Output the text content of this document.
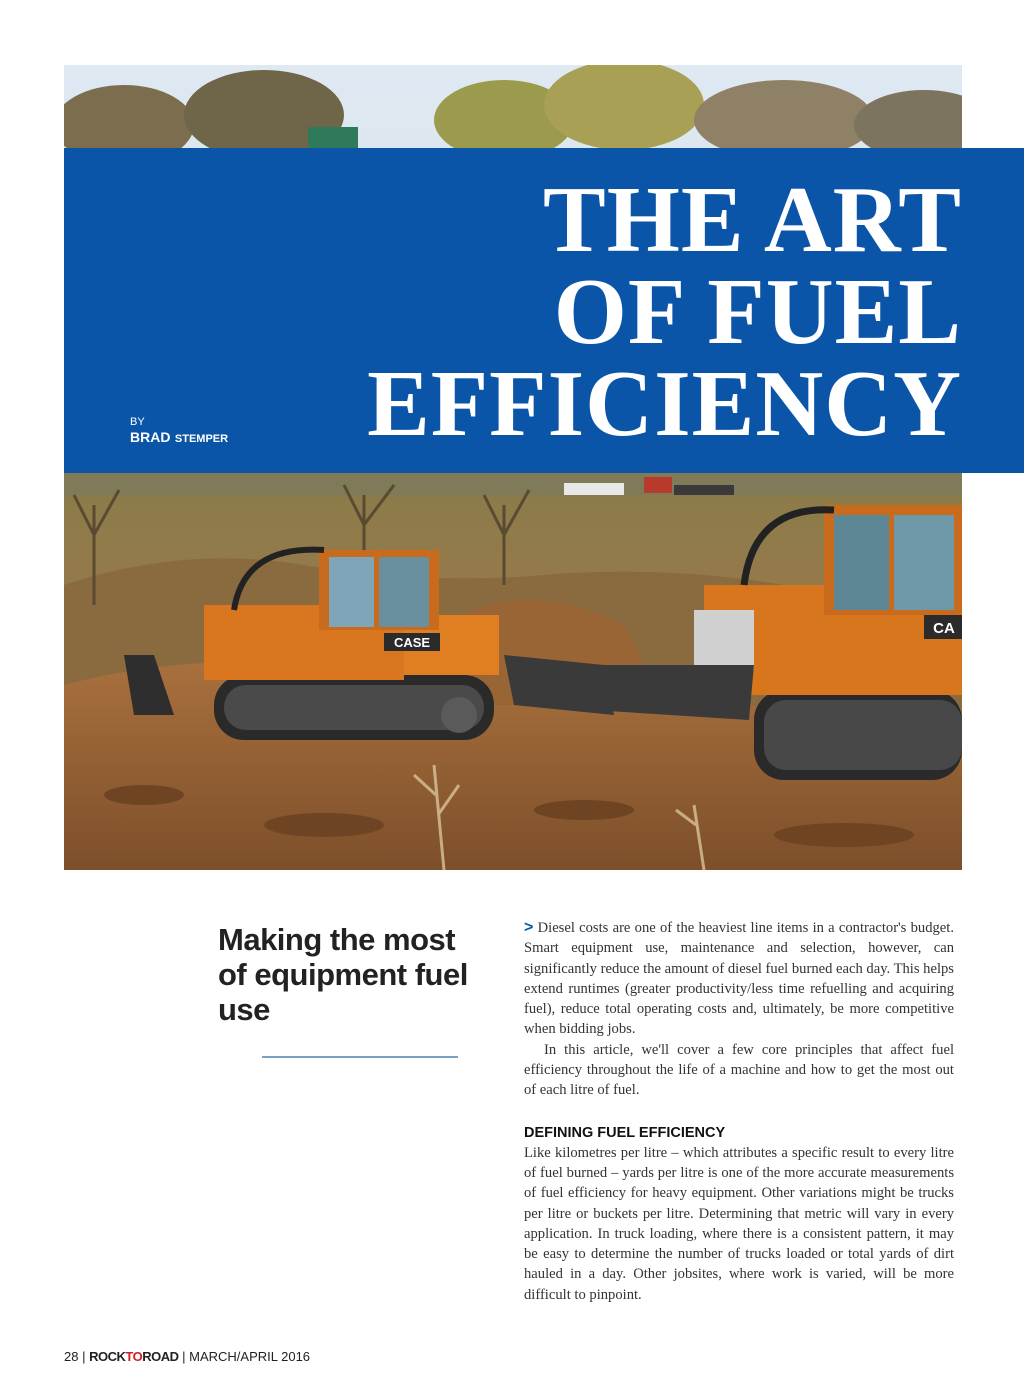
CASE
CA
THE ART
OF FUEL
EFFICIENCY
BY
BRAD STEMPER
Making the most of equipment fuel use

> Diesel costs are one of the heaviest line items in a contractor's budget. Smart equipment use, maintenance and selection, however, can significantly reduce the amount of diesel fuel burned each day. This helps extend runtimes (greater productivity/less time refuelling and acquiring fuel), reduce total operating costs and, ultimately, be more competitive when bidding jobs.

In this article, we'll cover a few core principles that affect fuel efficiency throughout the life of a machine and how to get the most out of each litre of fuel.

DEFINING FUEL EFFICIENCY

Like kilometres per litre – which attributes a specific result to every litre of fuel burned – yards per litre is one of the more accurate measurements of fuel efficiency for heavy equipment. Other variations might be trucks per litre or buckets per litre. Determining that metric will vary in every application. In truck loading, where there is a consistent pattern, it may be easy to determine the number of trucks loaded or total yards of dirt hauled in a day. Other jobsites, where work is varied, will be more difficult to pinpoint.

28 | ROCKTOROAD | MARCH/APRIL 2016
